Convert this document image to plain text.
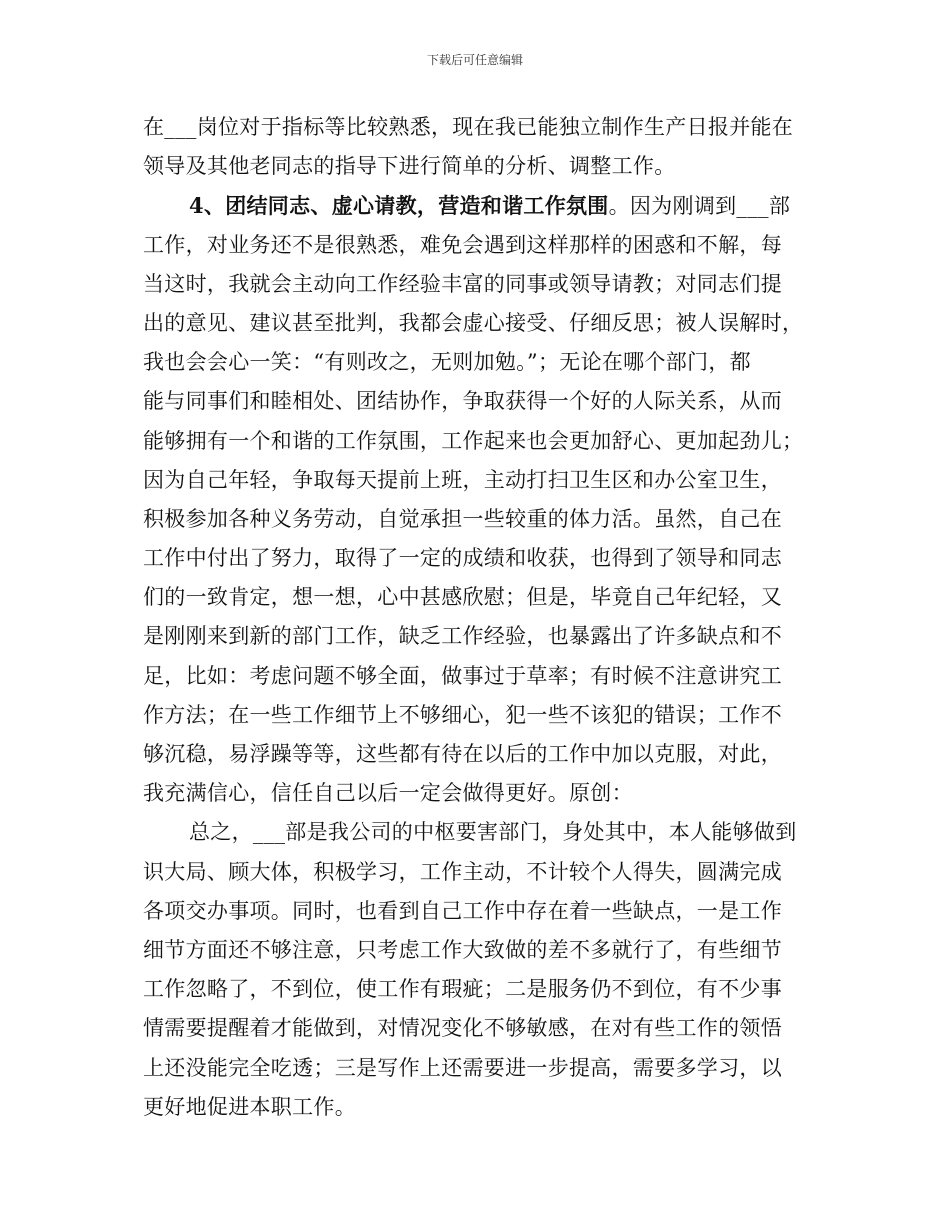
下载后可任意编辑
在___岗位对于指标等比较熟悉，现在我已能独立制作生产日报并能在
领导及其他老同志的指导下进行简单的分析、调整工作。
4、团结同志、虚心请教，营造和谐工作氛围。因为刚调到___部
工作，对业务还不是很熟悉，难免会遇到这样那样的困惑和不解，每
当这时，我就会主动向工作经验丰富的同事或领导请教；对同志们提
出的意见、建议甚至批判，我都会虚心接受、仔细反思；被人误解时，
我也会会心一笑：“有则改之，无则加勉。”；无论在哪个部门，都
能与同事们和睦相处、团结协作，争取获得一个好的人际关系，从而
能够拥有一个和谐的工作氛围，工作起来也会更加舒心、更加起劲儿；
因为自己年轻，争取每天提前上班，主动打扫卫生区和办公室卫生，
积极参加各种义务劳动，自觉承担一些较重的体力活。虽然，自己在
工作中付出了努力，取得了一定的成绩和收获，也得到了领导和同志
们的一致肯定，想一想，心中甚感欣慰；但是，毕竟自己年纪轻，又
是刚刚来到新的部门工作，缺乏工作经验，也暴露出了许多缺点和不
足，比如：考虑问题不够全面，做事过于草率；有时候不注意讲究工
作方法；在一些工作细节上不够细心，犯一些不该犯的错误；工作不
够沉稳，易浮躁等等，这些都有待在以后的工作中加以克服，对此，
我充满信心，信任自己以后一定会做得更好。原创：
总之，___部是我公司的中枢要害部门，身处其中，本人能够做到
识大局、顾大体，积极学习，工作主动，不计较个人得失，圆满完成
各项交办事项。同时，也看到自己工作中存在着一些缺点，一是工作
细节方面还不够注意，只考虑工作大致做的差不多就行了，有些细节
工作忽略了，不到位，使工作有瑕疵；二是服务仍不到位，有不少事
情需要提醒着才能做到，对情况变化不够敏感，在对有些工作的领悟
上还没能完全吃透；三是写作上还需要进一步提高，需要多学习，以
更好地促进本职工作。
